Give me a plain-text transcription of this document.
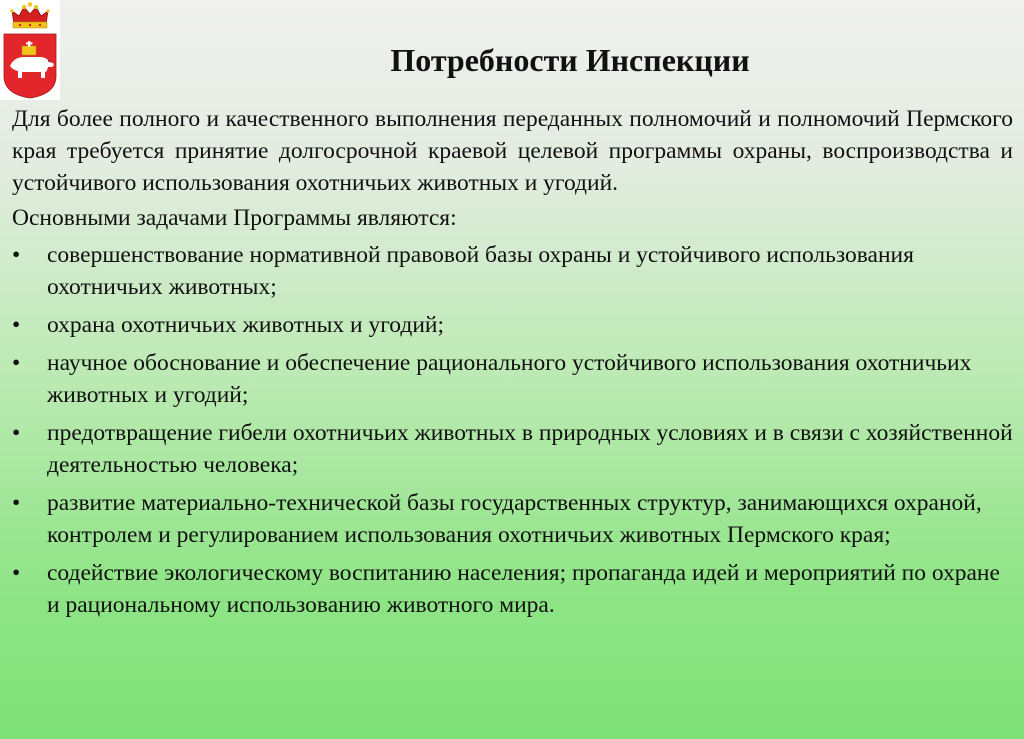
Потребности Инспекции

Для более полного и качественного выполнения переданных полномочий и полномочий Пермского края требуется принятие долгосрочной краевой целевой программы охраны, воспроизводства и устойчивого использования охотничьих животных и угодий.

Основными задачами Программы являются:

• совершенствование нормативной правовой базы охраны и устойчивого использования охотничьих животных;
• охрана охотничьих животных и угодий;
• научное обоснование и обеспечение рационального устойчивого использования охотничьих животных и угодий;
• предотвращение гибели охотничьих животных в природных условиях и в связи с хозяйственной деятельностью человека;
• развитие материально-технической базы государственных структур, занимающихся охраной, контролем и регулированием использования охотничьих животных Пермского края;
• содействие экологическому воспитанию населения; пропаганда идей и мероприятий по охране и рациональному использованию животного мира.
